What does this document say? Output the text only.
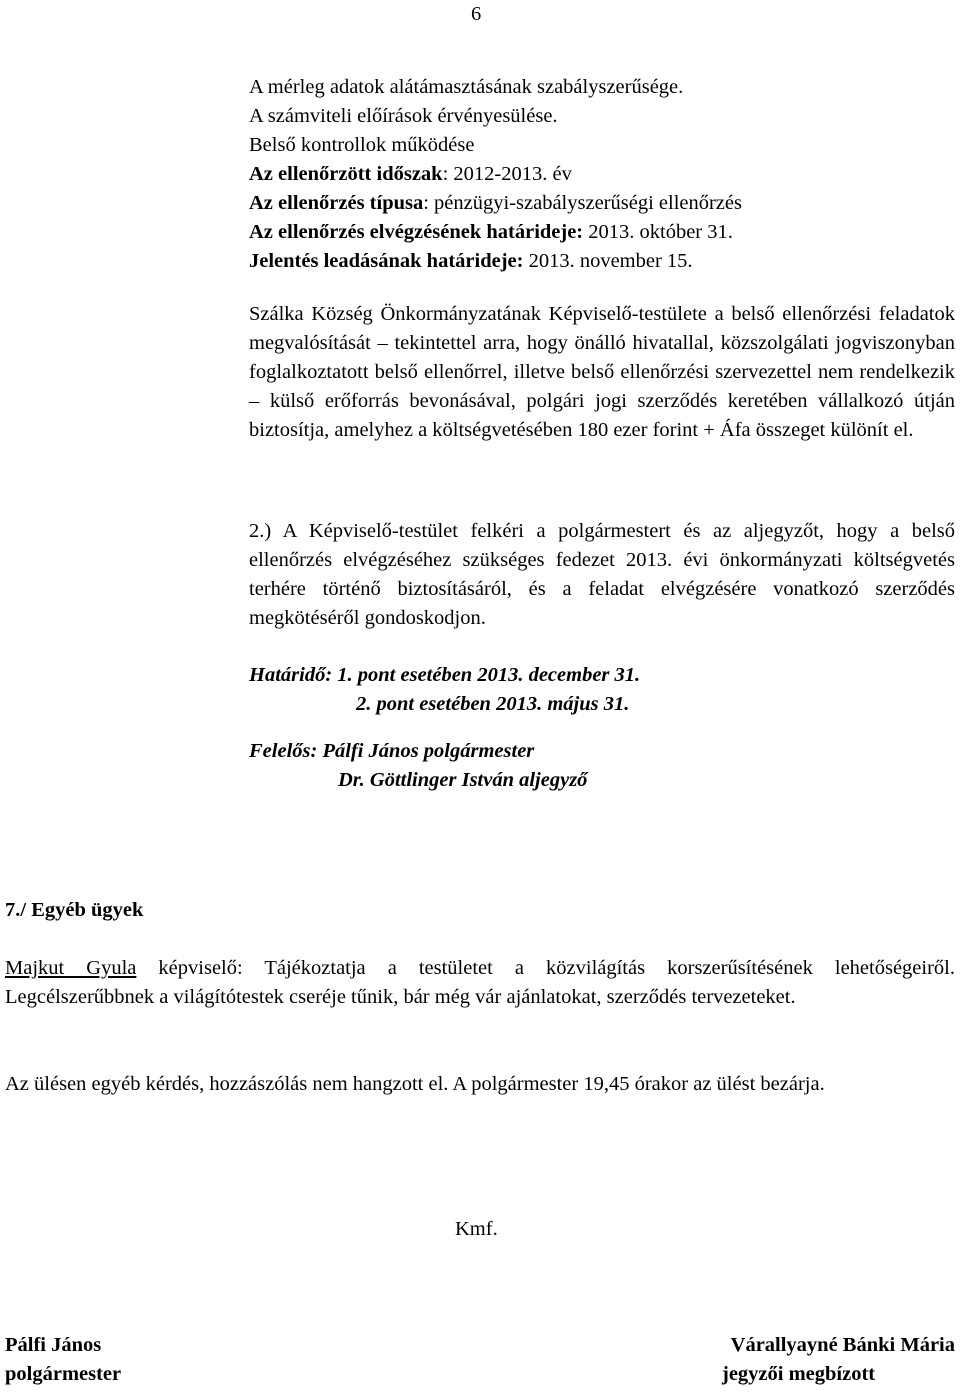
6
A mérleg adatok alátámasztásának szabályszerűsége.
A számviteli előírások érvényesülése.
Belső kontrollok működése
Az ellenőrzött időszak: 2012-2013. év
Az ellenőrzés típusa: pénzügyi-szabályszerűségi ellenőrzés
Az ellenőrzés elvégzésének határideje: 2013. október 31.
Jelentés leadásának határideje: 2013. november 15.

Szálka Község Önkormányzatának Képviselő-testülete a belső ellenőrzési feladatok megvalósítását – tekintettel arra, hogy önálló hivatallal, közszolgálati jogviszonyban foglalkoztatott belső ellenőrrel, illetve belső ellenőrzési szervezettel nem rendelkezik – külső erőforrás bevonásával, polgári jogi szerződés keretében vállalkozó útján biztosítja, amelyhez a költségvetésében 180 ezer forint + Áfa összeget különít el.

2.) A Képviselő-testület felkéri a polgármestert és az aljegyzőt, hogy a belső ellenőrzés elvégzéséhez szükséges fedezet 2013. évi önkormányzati költségvetés terhére történő biztosításáról, és a feladat elvégzésére vonatkozó szerződés megkötéséről gondoskodjon.

Határidő: 1. pont esetében 2013. december 31.
2. pont esetében 2013. május 31.
Felelős: Pálfi János polgármester
Dr. Göttlinger István aljegyző
7./ Egyéb ügyek

Majkut Gyula képviselő: Tájékoztatja a testületet a közvilágítás korszerűsítésének lehetőségeiről. Legcélszerűbbnek a világítótestek cseréje tűnik, bár még vár ajánlatokat, szerződés tervezeteket.

Az ülésen egyéb kérdés, hozzászólás nem hangzott el. A polgármester 19,45 órakor az ülést bezárja.

Kmf.
Pálfi János
polgármester
Várallyayné Bánki Mária
jegyzői megbízott
